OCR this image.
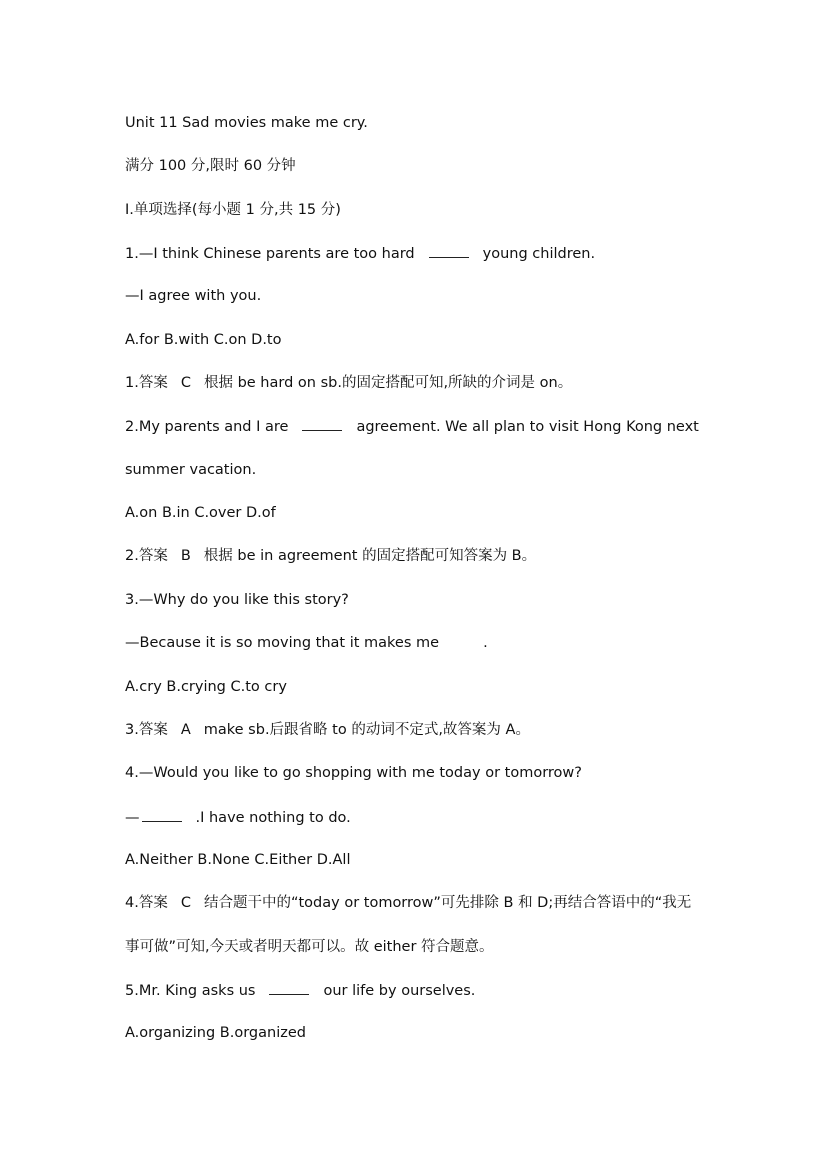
Unit 11 Sad movies make me cry.
满分 100 分,限时 60 分钟
Ⅰ.单项选择(每小题 1 分,共 15 分)
1.—I think Chinese parents are too hard	young children.
—I agree with you.
A.for B.with C.on D.to
1.答案 C 根据 be hard on sb.的固定搭配可知,所缺的介词是 on。
2.My parents and I are	agreement. We all plan to visit Hong Kong next
summer vacation.
A.on B.in C.over D.of
2.答案 B 根据 be in agreement 的固定搭配可知答案为 B。
3.—Why do you like this story?
—Because it is so moving that it makes me	.
A.cry B.crying C.to cry
3.答案 A make sb.后跟省略 to 的动词不定式,故答案为 A。
4.—Would you like to go shopping with me today or tomorrow?
—	.I have nothing to do.
A.Neither B.None C.Either D.All
4.答案 C 结合题干中的“today or tomorrow”可先排除 B 和 D;再结合答语中的“我无
事可做”可知,今天或者明天都可以。故 either 符合题意。
5.Mr. King asks us	our life by ourselves.
A.organizing B.organized
